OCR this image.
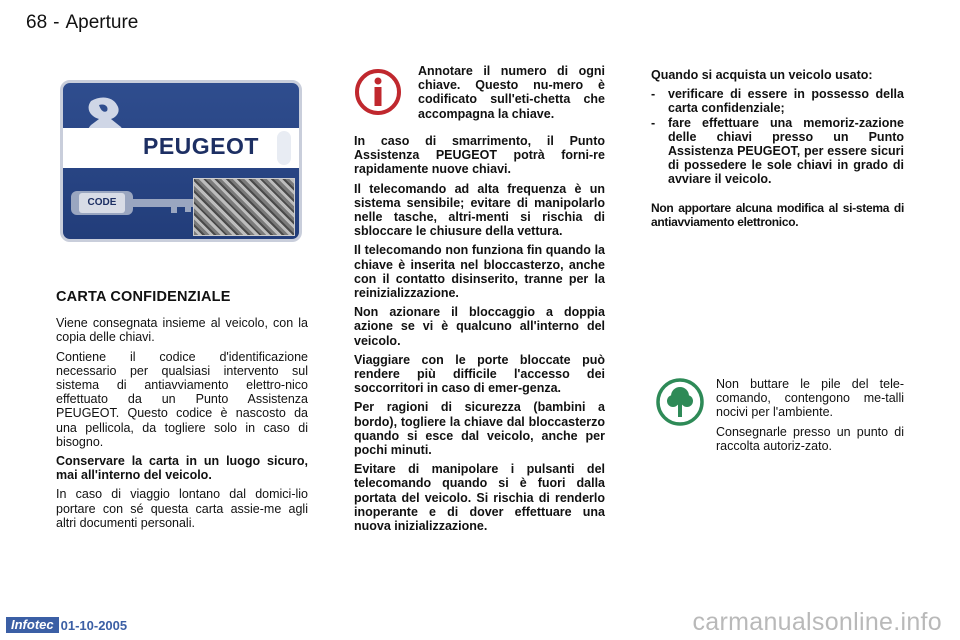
68 - Aperture
PEUGEOT
CODE
CARTA CONFIDENZIALE

Viene consegnata insieme al veicolo, con la copia delle chiavi.

Contiene il codice d'identificazione necessario per qualsiasi intervento sul sistema di antiavviamento elettro-nico effettuato da un Punto Assistenza PEUGEOT. Questo codice è nascosto da una pellicola, da togliere solo in caso di bisogno.

Conservare la carta in un luogo sicuro, mai all'interno del veicolo.

In caso di viaggio lontano dal domici-lio portare con sé questa carta assie-me agli altri documenti personali.

Annotare il numero di ogni chiave. Questo nu-mero è codificato sull'eti-chetta che accompagna la chiave.

In caso di smarrimento, il Punto Assistenza PEUGEOT potrà forni-re rapidamente nuove chiavi.

Il telecomando ad alta frequenza è un sistema sensibile; evitare di manipolarlo nelle tasche, altri-menti si rischia di sbloccare le chiusure della vettura.

Il telecomando non funziona fin quando la chiave è inserita nel bloccasterzo, anche con il contatto disinserito, tranne per la reinizializzazione.

Non azionare il bloccaggio a doppia azione se vi è qualcuno all'interno del veicolo.

Viaggiare con le porte bloccate può rendere più difficile l'accesso dei soccorritori in caso di emer-genza.

Per ragioni di sicurezza (bambini a bordo), togliere la chiave dal bloccasterzo quando si esce dal veicolo, anche per pochi minuti.

Evitare di manipolare i pulsanti del telecomando quando si è fuori dalla portata del veicolo. Si rischia di renderlo inoperante e di dover effettuare una nuova inizializzazione.

Quando si acquista un veicolo usato:

- verificare di essere in possesso della carta confidenziale;
- fare effettuare una memoriz-zazione delle chiavi presso un Punto Assistenza PEUGEOT, per essere sicuri di possedere le sole chiavi in grado di avviare il veicolo.

Non apportare alcuna modifica al si-stema di antiavviamento elettronico.

Non buttare le pile del tele-comando, contengono me-talli nocivi per l'ambiente.

Consegnarle presso un punto di raccolta autoriz-zato.

Infotec 01-10-2005	carmanualsonline.info
